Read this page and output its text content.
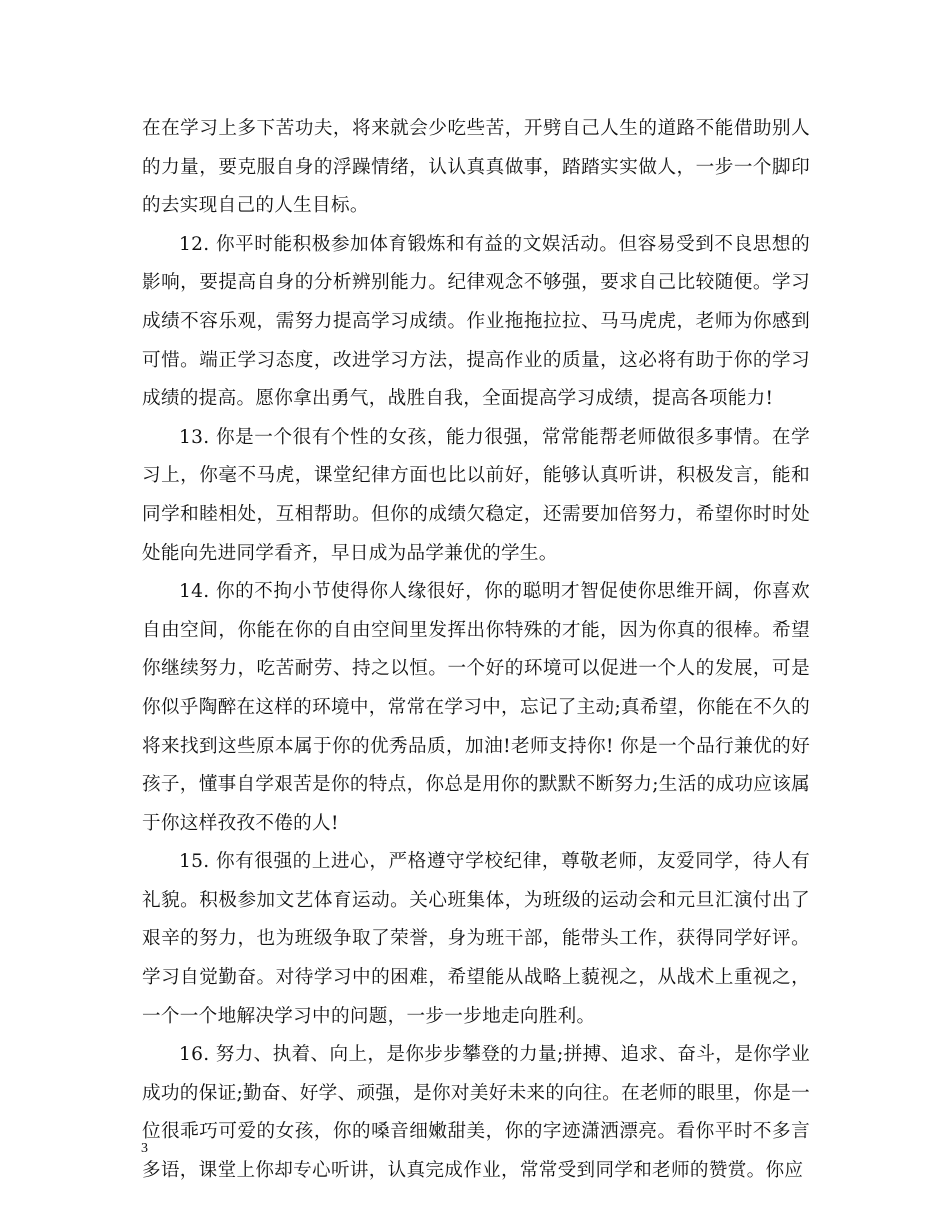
在在学习上多下苦功夫，将来就会少吃些苦，开劈自己人生的道路不能借助别人的力量，要克服自身的浮躁情绪，认认真真做事，踏踏实实做人，一步一个脚印的去实现自己的人生目标。

12. 你平时能积极参加体育锻炼和有益的文娱活动。但容易受到不良思想的影响，要提高自身的分析辨别能力。纪律观念不够强，要求自己比较随便。学习成绩不容乐观，需努力提高学习成绩。作业拖拖拉拉、马马虎虎，老师为你感到可惜。端正学习态度，改进学习方法，提高作业的质量，这必将有助于你的学习成绩的提高。愿你拿出勇气，战胜自我，全面提高学习成绩，提高各项能力!

13. 你是一个很有个性的女孩，能力很强，常常能帮老师做很多事情。在学习上，你毫不马虎，课堂纪律方面也比以前好，能够认真听讲，积极发言，能和同学和睦相处，互相帮助。但你的成绩欠稳定，还需要加倍努力，希望你时时处处能向先进同学看齐，早日成为品学兼优的学生。

14. 你的不拘小节使得你人缘很好，你的聪明才智促使你思维开阔，你喜欢自由空间，你能在你的自由空间里发挥出你特殊的才能，因为你真的很棒。希望你继续努力，吃苦耐劳、持之以恒。一个好的环境可以促进一个人的发展，可是你似乎陶醉在这样的环境中，常常在学习中，忘记了主动;真希望，你能在不久的将来找到这些原本属于你的优秀品质，加油!老师支持你! 你是一个品行兼优的好孩子，懂事自学艰苦是你的特点，你总是用你的默默不断努力;生活的成功应该属于你这样孜孜不倦的人!

15. 你有很强的上进心，严格遵守学校纪律，尊敬老师，友爱同学，待人有礼貌。积极参加文艺体育运动。关心班集体，为班级的运动会和元旦汇演付出了艰辛的努力，也为班级争取了荣誉，身为班干部，能带头工作，获得同学好评。学习自觉勤奋。对待学习中的困难，希望能从战略上藐视之，从战术上重视之，一个一个地解决学习中的问题，一步一步地走向胜利。

16. 努力、执着、向上，是你步步攀登的力量;拼搏、追求、奋斗，是你学业成功的保证;勤奋、好学、顽强，是你对美好未来的向往。在老师的眼里，你是一位很乖巧可爱的女孩，你的嗓音细嫩甜美，你的字迹潇洒漂亮。看你平时不多言多语，课堂上你却专心听讲，认真完成作业，常常受到同学和老师的赞赏。你应

3
